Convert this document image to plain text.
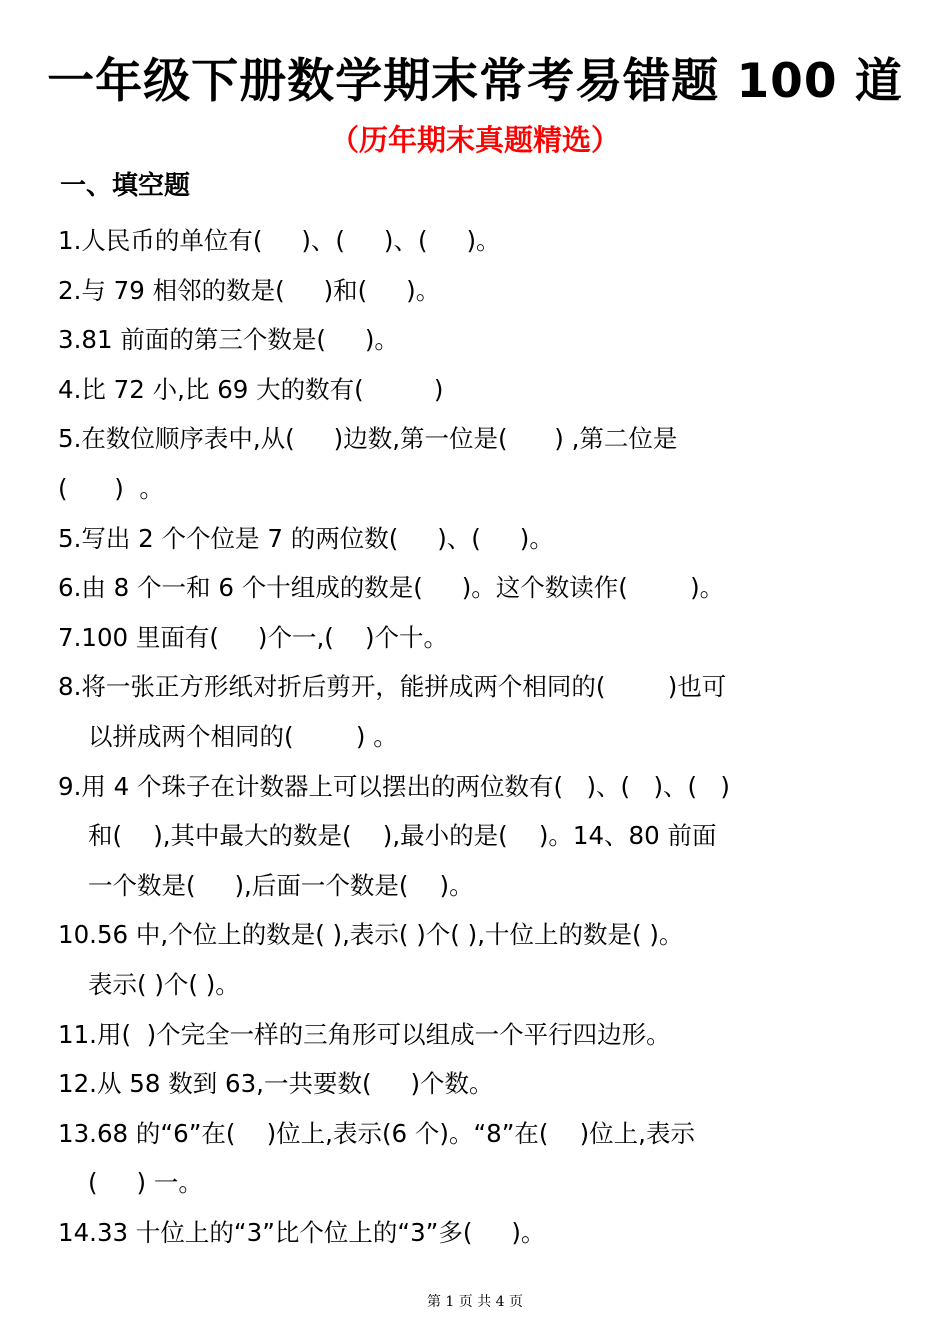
一年级下册数学期末常考易错题 100 道
（历年期末真题精选）
一、填空题
1.人民币的单位有(     )、(     )、(     )。
2.与 79 相邻的数是(     )和(     )。
3.81 前面的第三个数是(     )。
4.比 72 小,比 69 大的数有(         )
5.在数位顺序表中,从(     )边数,第一位是(      ) ,第二位是
(      )  。
5.写出 2 个个位是 7 的两位数(     )、(     )。
6.由 8 个一和 6 个十组成的数是(     )。这个数读作(        )。
7.100 里面有(     )个一,(    )个十。
8.将一张正方形纸对折后剪开，能拼成两个相同的(        )也可
以拼成两个相同的(        ) 。
9.用 4 个珠子在计数器上可以摆出的两位数有(   )、(   )、(   )
和(    ),其中最大的数是(    ),最小的是(    )。14、80 前面
一个数是(     ),后面一个数是(    )。
10.56 中,个位上的数是( ),表示( )个( ),十位上的数是( )。
表示( )个( )。
11.用(  )个完全一样的三角形可以组成一个平行四边形。
12.从 58 数到 63,一共要数(     )个数。
13.68 的“6”在(    )位上,表示(6 个)。“8”在(    )位上,表示
(     ) 一。
14.33 十位上的“3”比个位上的“3”多(     )。
第 1 页 共 4 页
